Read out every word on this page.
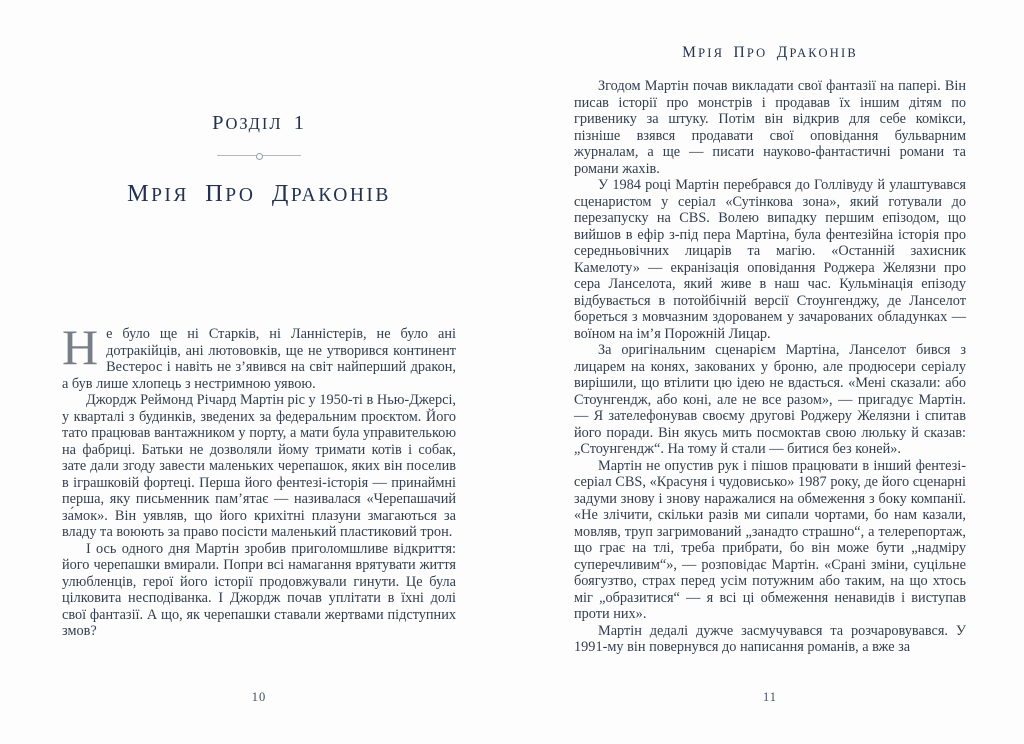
РОЗДІЛ 1
МРІЯ ПРО ДРАКОНІВ

Не було ще ні Старків, ні Ланністерів, не було ані дотракійців, ані лютововків, ще не утворився континент Вестерос і навіть не з’явився на світ найперший дракон, а був лише хлопець з нестримною уявою.

Джордж Реймонд Річард Мартін ріс у 1950-ті в Нью-Джерсі, у кварталі з будинків, зведених за федеральним проєктом. Його тато працював вантажником у порту, а мати була управителькою на фабриці. Батьки не дозволяли йому тримати котів і собак, зате дали згоду завести маленьких черепашок, яких він поселив в іграшковій фортеці. Перша його фентезі-історія — принаймні перша, яку письменник пам’ятає — називалася «Черепашачий за́мок». Він уявляв, що його крихітні плазуни змагаються за владу та воюють за право посісти маленький пластиковий трон.

І ось одного дня Мартін зробив приголомшливе відкриття: його черепашки вмирали. Попри всі намагання врятувати життя улюбленців, герої його історії продовжували гинути. Це була цілковита несподіванка. І Джордж почав уплітати в їхні долі свої фантазії. А що, як черепашки ставали жертвами підступних змов?

10
МРІЯ ПРО ДРАКОНІВ

Згодом Мартін почав викладати свої фантазії на папері. Він писав історії про монстрів і продавав їх іншим дітям по гривенику за штуку. Потім він відкрив для себе комікси, пізніше взявся продавати свої оповідання бульварним журналам, а ще — писати науково-фантастичні романи та романи жахів.

У 1984 році Мартін перебрався до Голлівуду й улаштувався сценаристом у серіал «Сутінкова зона», який готували до перезапуску на CBS. Волею випадку першим епізодом, що вийшов в ефір з-під пера Мартіна, була фентезійна історія про середньовічних лицарів та магію. «Останній захисник Камелоту» — екранізація оповідання Роджера Желязни про сера Ланселота, який живе в наш час. Кульмінація епізоду відбувається в потойбічній версії Стоунгенджу, де Ланселот бореться з мовчазним здорованем у зачарованих обладунках — воїном на ім’я Порожній Лицар.

За оригінальним сценарієм Мартіна, Ланселот бився з лицарем на конях, закованих у броню, але продюсери серіалу вирішили, що втілити цю ідею не вдасться. «Мені сказали: або Стоунгендж, або коні, але не все разом», — пригадує Мартін. — Я зателефонував своєму другові Роджеру Желязни і спитав його поради. Він якусь мить посмоктав свою люльку й сказав: „Стоунгендж“. На тому й стали — битися без коней».

Мартін не опустив рук і пішов працювати в інший фентезі-серіал CBS, «Красуня і чудовисько» 1987 року, де його сценарні задуми знову і знову наражалися на обмеження з боку компанії. «Не злічити, скільки разів ми сипали чортами, бо нам казали, мовляв, труп загримований „занадто страшно“, а телерепортаж, що грає на тлі, треба прибрати, бо він може бути „надміру суперечливим“», — розповідає Мартін. «Срані зміни, суцільне боягузтво, страх перед усім потужним або таким, на що хтось міг „образитися“ — я всі ці обмеження ненавидів і виступав проти них».

Мартін дедалі дужче засмучувався та розчаровувався. У 1991-му він повернувся до написання романів, а вже за

11
